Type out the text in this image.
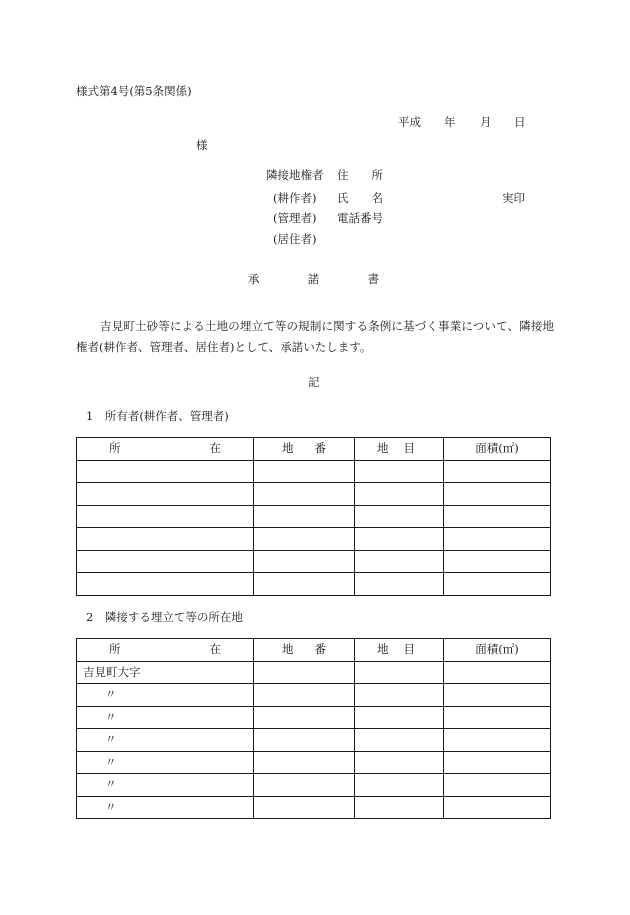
様式第4号(第5条関係)
平成 年 月 日
様
隣接地権者 住 所
(耕作者) 氏 名	実印
(管理者) 電話番号
(居住者)
承	諾	書
吉見町土砂等による土地の埋立て等の規制に関する条例に基づく事業について、隣接地権者(耕作者、管理者、居住者)として、承諾いたします。
記
1　所有者(耕作者、管理者)
所 在	地 番	地 目	面積(㎡)

2　隣接する埋立て等の所在地
所 在	地 番	地 目	面積(㎡)

吉見町大字			
〃			
〃			
〃			
〃			
〃			
〃			
